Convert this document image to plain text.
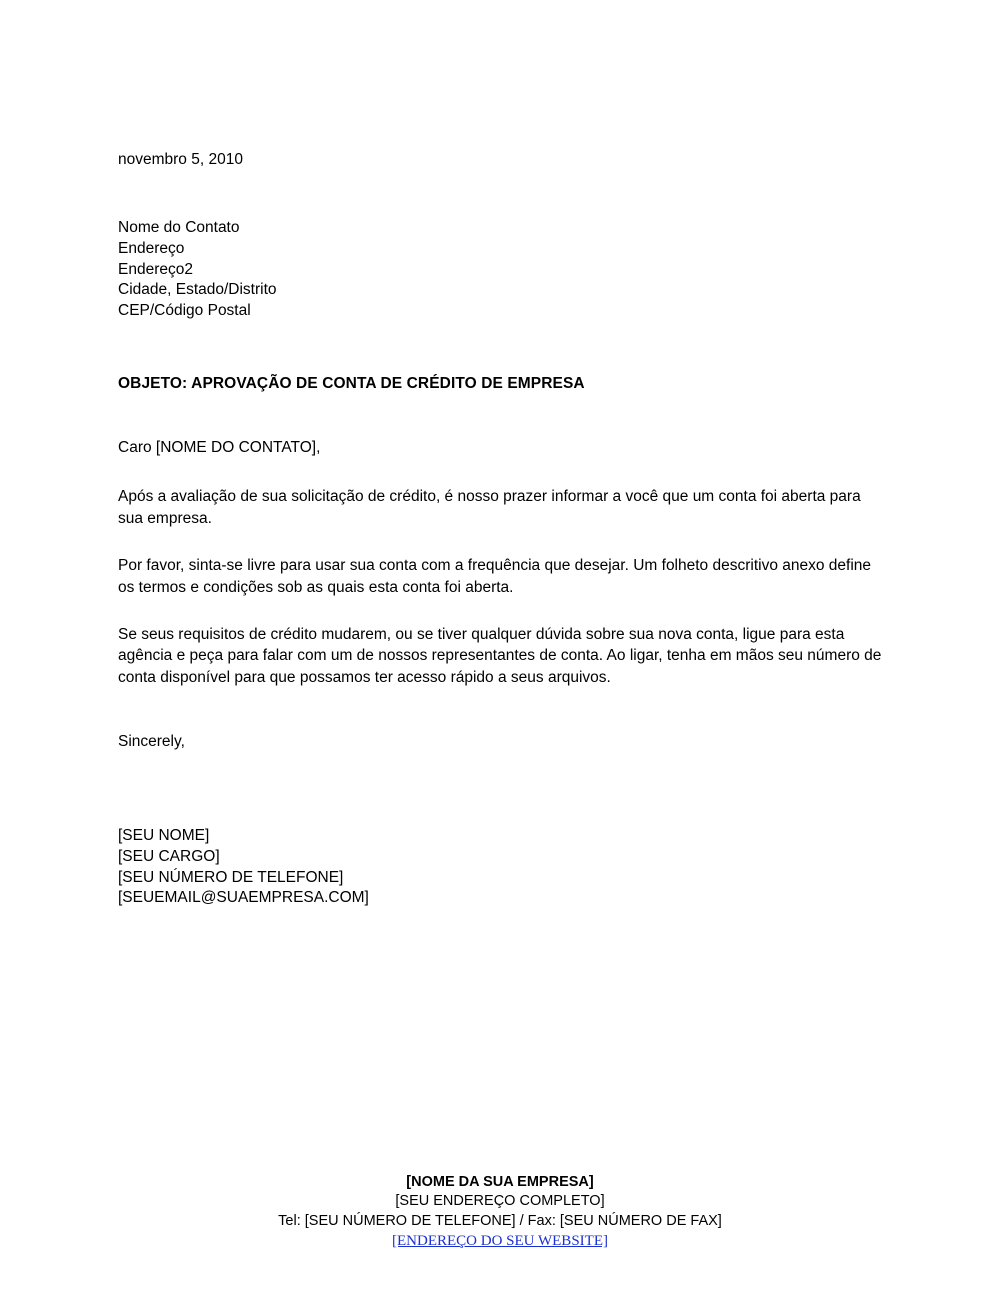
novembro 5, 2010
Nome do Contato
Endereço
Endereço2
Cidade, Estado/Distrito
CEP/Código Postal
OBJETO: APROVAÇÃO DE CONTA DE CRÉDITO DE EMPRESA
Caro [NOME DO CONTATO],

Após a avaliação de sua solicitação de crédito, é nosso prazer informar a você que um conta foi aberta para sua empresa.

Por favor, sinta-se livre para usar sua conta com a frequência que desejar. Um folheto descritivo anexo define os termos e condições sob as quais esta conta foi aberta.

Se seus requisitos de crédito mudarem, ou se tiver qualquer dúvida sobre sua nova conta, ligue para esta agência e peça para falar com um de nossos representantes de conta. Ao ligar, tenha em mãos seu número de conta disponível para que possamos ter acesso rápido a seus arquivos.

Sincerely,
[SEU NOME]
[SEU CARGO]
[SEU NÚMERO DE TELEFONE]
[SEUEMAIL@SUAEMPRESA.COM]
[NOME DA SUA EMPRESA]
[SEU ENDEREÇO COMPLETO]
Tel: [SEU NÚMERO DE TELEFONE] / Fax: [SEU NÚMERO DE FAX]
[ENDEREÇO DO SEU WEBSITE]
